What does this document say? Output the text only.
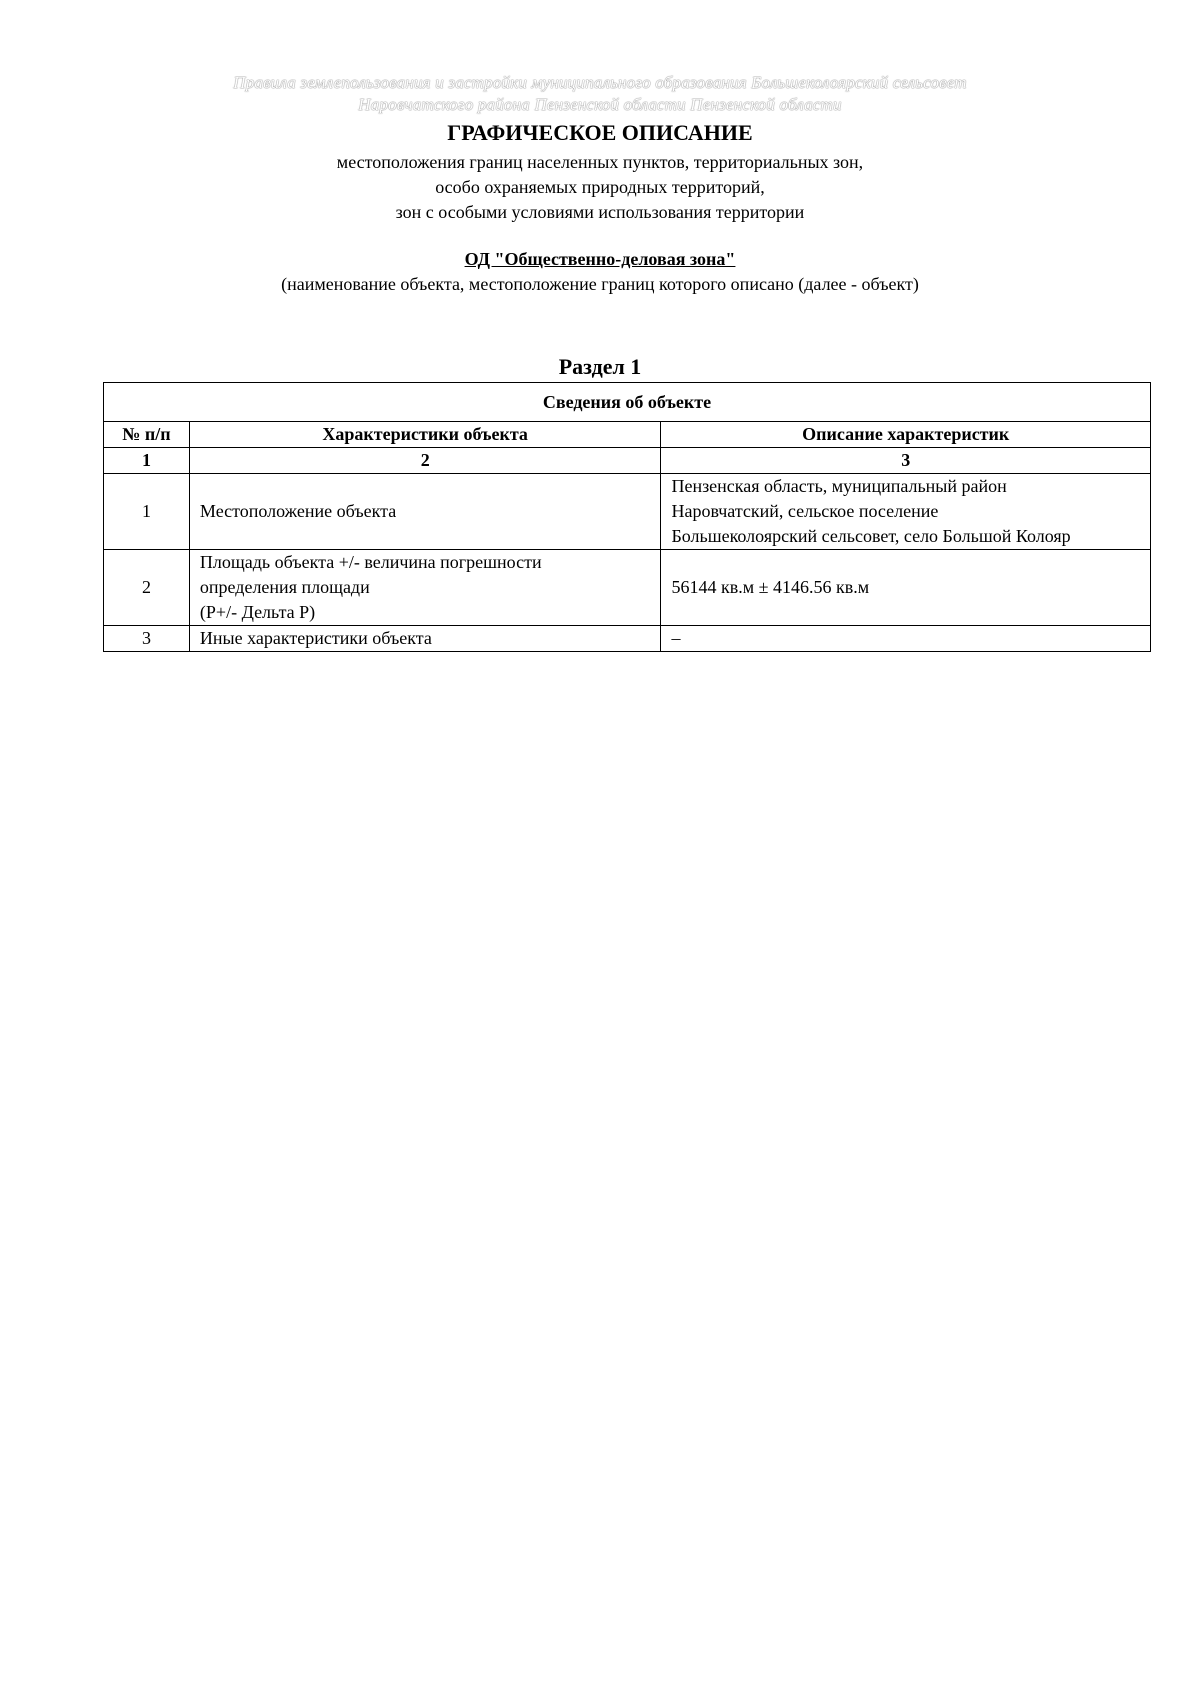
Правила землепользования и застройки муниципального образования Большеколоярский сельсовет
Наровчатского района Пензенской области Пензенской области
ГРАФИЧЕСКОЕ ОПИСАНИЕ
местоположения границ населенных пунктов, территориальных зон,
особо охраняемых природных территорий,
зон с особыми условиями использования территории
ОД "Общественно-деловая зона"
(наименование объекта, местоположение границ которого описано (далее - объект)
Раздел 1
Сведения об объекте		
№ п/п	Характеристики объекта	Описание характеристик
1	2	3
1	Местоположение объекта	Пензенская область, муниципальный район
Наровчатский, сельское поселение
Большеколоярский сельсовет, село Большой Колояр

2	Площадь объекта +/- величина погрешности
определения площади
(Р+/- Дельта Р)	56144 кв.м ± 4146.56 кв.м

3	Иные характеристики объекта	–
